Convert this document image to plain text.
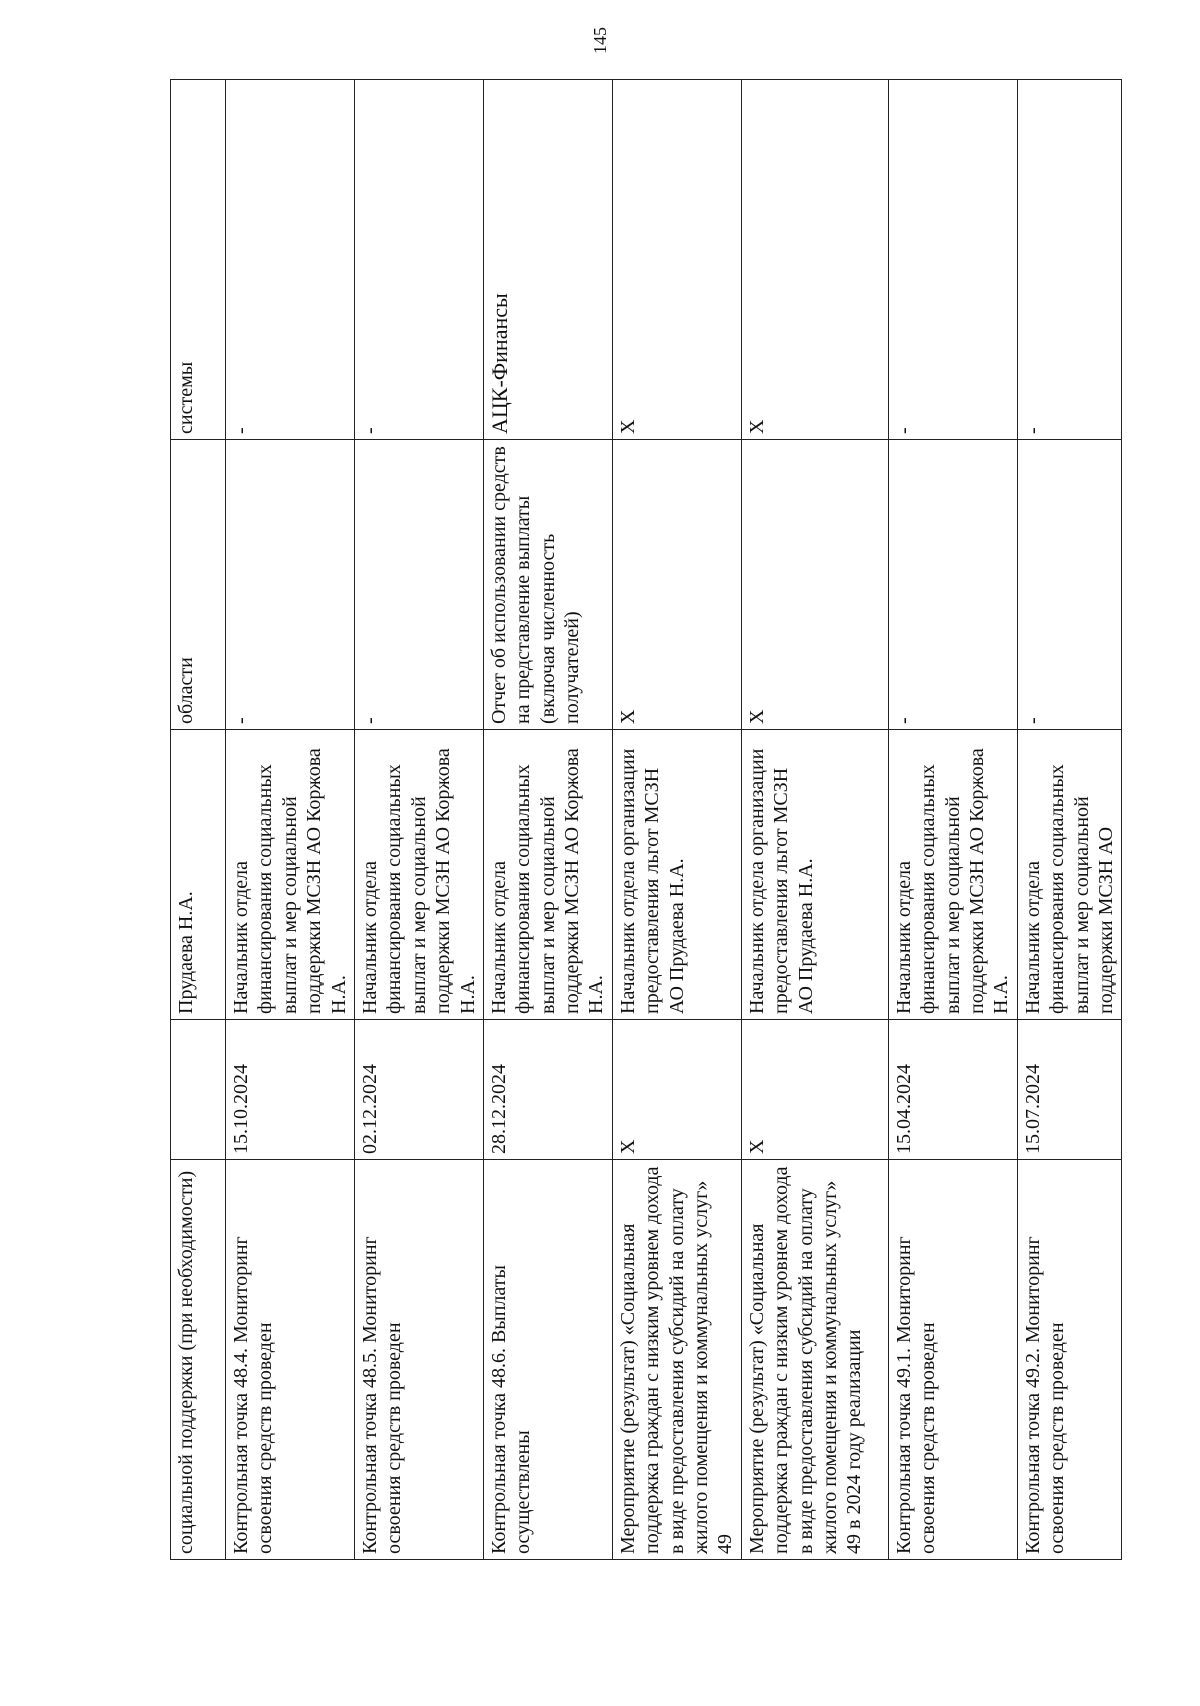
145
социальной поддержки (при необходимости)		Прудаева Н.А.	области	системы
Контрольная точка 48.4. Мониторинг освоения средств проведен	15.10.2024	Начальник отдела финансирования социальных выплат и мер социальной поддержки МСЗН АО Коржова Н.А.	-	-
Контрольная точка 48.5. Мониторинг освоения средств проведен	02.12.2024	Начальник отдела финансирования социальных выплат и мер социальной поддержки МСЗН АО Коржова Н.А.	-	-
Контрольная точка 48.6. Выплаты осуществлены	28.12.2024	Начальник отдела финансирования социальных выплат и мер социальной поддержки МСЗН АО Коржова Н.А.	Отчет об использовании средств на представление выплаты (включая численность получателей)	АЦК-Финансы
Мероприятие (результат) «Социальная поддержка граждан с низким уровнем дохода в виде предоставления субсидий на оплату жилого помещения и коммунальных услуг» 49	X	Начальник отдела организации предоставления льгот МСЗН АО Прудаева Н.А.	X	X
Мероприятие (результат) «Социальная поддержка граждан с низким уровнем дохода в виде предоставления субсидий на оплату жилого помещения и коммунальных услуг» 49 в 2024 году реализации	X	Начальник отдела организации предоставления льгот МСЗН АО Прудаева Н.А.	X	X
Контрольная точка 49.1. Мониторинг освоения средств проведен	15.04.2024	Начальник отдела финансирования социальных выплат и мер социальной поддержки МСЗН АО Коржова Н.А.	-	-
Контрольная точка 49.2. Мониторинг освоения средств проведен	15.07.2024	Начальник отдела финансирования социальных выплат и мер социальной поддержки МСЗН АО	-	-
